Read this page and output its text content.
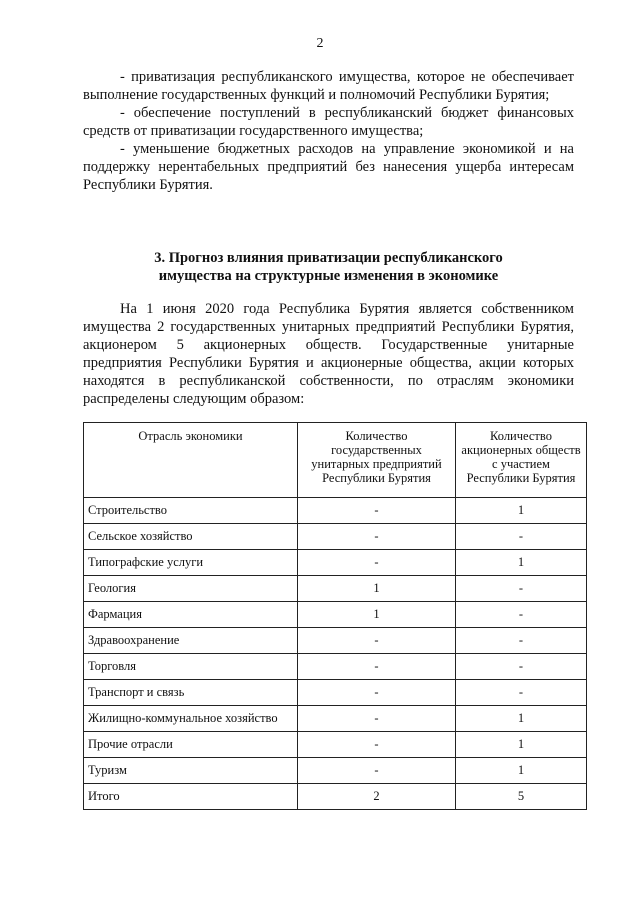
2

- приватизация республиканского имущества, которое не обеспечивает выполнение государственных функций и полномочий Республики Бурятия;

- обеспечение поступлений в республиканский бюджет финансовых средств от приватизации государственного имущества;

- уменьшение бюджетных расходов на управление экономикой и на поддержку нерентабельных предприятий без нанесения ущерба интересам Республики Бурятия.

3. Прогноз влияния приватизации республиканского

имущества на структурные изменения в экономике

На 1 июня 2020 года Республика Бурятия является собственником имущества 2 государственных унитарных предприятий Республики Бурятия, акционером 5 акционерных обществ. Государственные унитарные предприятия Республики Бурятия и акционерные общества, акции которых находятся в республиканской собственности, по отраслям экономики распределены следующим образом:

Отрасль экономики	Количество государственных унитарных предприятий Республики Бурятия	Количество акционерных обществ с участием Республики Бурятия
Строительство	-	1
Сельское хозяйство	-	-
Типографские услуги	-	1
Геология	1	-
Фармация	1	-
Здравоохранение	-	-
Торговля	-	-
Транспорт и связь	-	-
Жилищно-коммунальное хозяйство	-	1
Прочие отрасли	-	1
Туризм	-	1
Итого	2	5
